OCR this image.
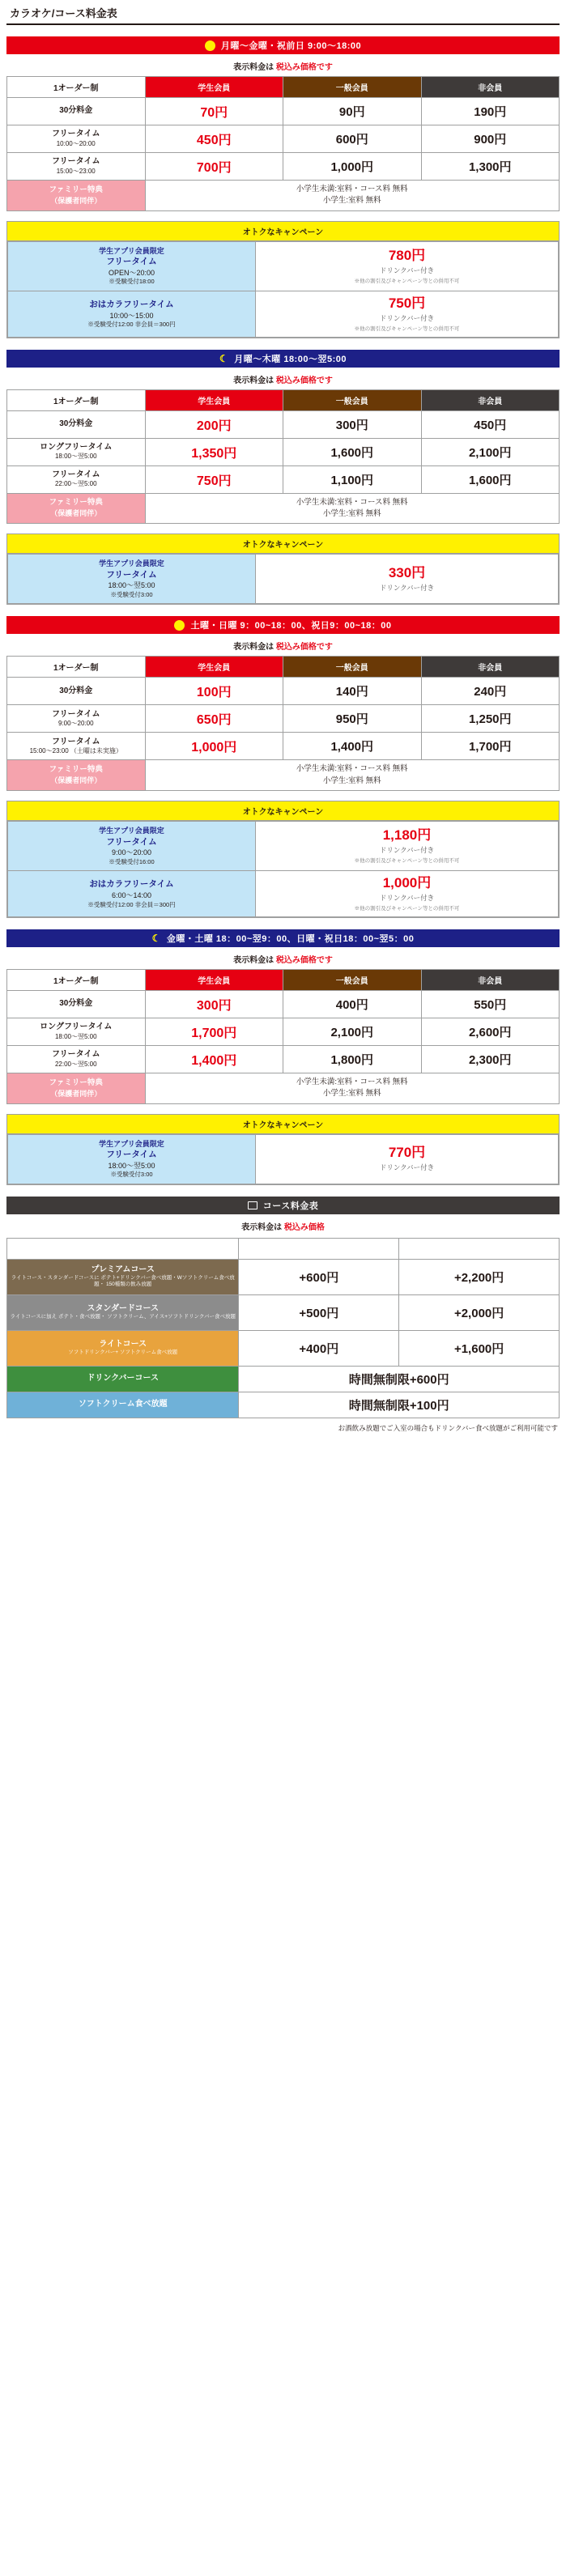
カラオケ/コース料金表
月曜～金曜・祝前日 9:00～18:00
表示料金は 税込み価格です
1オーダー制	学生会員	一般会員	非会員
30分料金	70円	90円	190円
フリータイム
10:00～20:00	450円	600円	900円
フリータイム
15:00～23:00	700円	1,000円	1,300円
ファミリー特典
（保護者同伴）

小学生未満:室料・コース料 無料
小学生:室料 無料
オトクなキャンペーン
学生アプリ会員限定
フリータイム
OPEN～20:00
※受験受付18:00

780円
ドリンクバー付き
※他の割引及びキャンペーン等との併用不可

おはカラフリータイム
10:00～15:00
※受験受付12:00 非会員＝300円

750円
ドリンクバー付き
※他の割引及びキャンペーン等との併用不可
☾ 月曜～木曜 18:00～翌5:00
表示料金は 税込み価格です
1オーダー制	学生会員	一般会員	非会員
30分料金	200円	300円	450円
ロングフリータイム
18:00～翌5:00	1,350円	1,600円	2,100円
フリータイム
22:00～翌5:00	750円	1,100円	1,600円
ファミリー特典
（保護者同伴）

小学生未満:室料・コース料 無料
小学生:室料 無料
オトクなキャンペーン
学生アプリ会員限定
フリータイム
18:00～翌5:00
※受験受付3:00

330円
ドリンクバー付き
土曜・日曜 9：00~18：00、祝日9：00~18：00
表示料金は 税込み価格です
1オーダー制	学生会員	一般会員	非会員
30分料金	100円	140円	240円
フリータイム
9:00～20:00	650円	950円	1,250円
フリータイム
15:00～23:00 （土曜は未実施）	1,000円	1,400円	1,700円
ファミリー特典
（保護者同伴）

小学生未満:室料・コース料 無料
小学生:室料 無料
オトクなキャンペーン
学生アプリ会員限定
フリータイム
9:00～20:00
※受験受付16:00

1,180円
ドリンクバー付き
※他の割引及びキャンペーン等との併用不可

おはカラフリータイム
6:00～14:00
※受験受付12:00 非会員＝300円

1,000円
ドリンクバー付き
※他の割引及びキャンペーン等との併用不可
☾ 金曜・土曜 18：00~翌9：00、日曜・祝日18：00~翌5：00
表示料金は 税込み価格です
1オーダー制	学生会員	一般会員	非会員
30分料金	300円	400円	550円
ロングフリータイム
18:00～翌5:00	1,700円	2,100円	2,600円
フリータイム
22:00～翌5:00	1,400円	1,800円	2,300円
ファミリー特典
（保護者同伴）

小学生未満:室料・コース料 無料
小学生:室料 無料
オトクなキャンペーン
学生アプリ会員限定
フリータイム
18:00～翌5:00
※受験受付3:00

770円
ドリンクバー付き
コース料金表
表示料金は 税込み価格
	30分料金	フリータイム
プレミアムコース
ライトコース・スタンダードコースに ポテト+ドリンクバー食べ放題・Wソフトクリーム食べ放題・ 150種類の飲み放題	+600円	+2,200円
スタンダードコース
ライトコースに加え ポテト・食べ放題・ ソフトクリーム、アイス+ソフトドリンクバー食べ放題	+500円	+2,000円
ライトコース
ソフトドリンクバー+ ソフトクリーム食べ放題	+400円	+1,600円
ドリンクバーコース	時間無制限+600円	
ソフトクリーム食べ放題	時間無制限+100円	
お酒飲み放題でご入室の場合もドリンクバー食べ放題がご利用可能です
